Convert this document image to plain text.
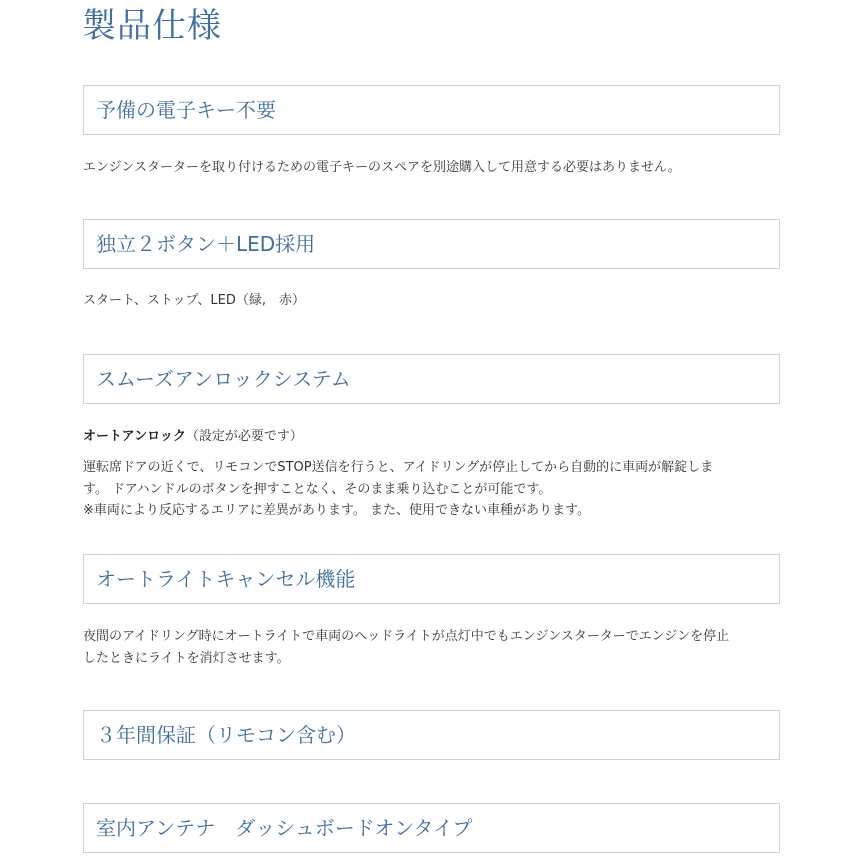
製品仕様
予備の電子キー不要

エンジンスターターを取り付けるための電子キーのスペアを別途購入して用意する必要はありません。

独立２ボタン＋LED採用

スタート、ストップ、LED（緑,　赤）

スムーズアンロックシステム

オートアンロック（設定が必要です）

運転席ドアの近くで、リモコンでSTOP送信を行うと、アイドリングが停止してから自動的に車両が解錠しま

す。 ドアハンドルのボタンを押すことなく、そのまま乗り込むことが可能です。

※車両により反応するエリアに差異があります。 また、使用できない車種があります。

オートライトキャンセル機能

夜間のアイドリング時にオートライトで車両のヘッドライトが点灯中でもエンジンスターターでエンジンを停止

したときにライトを消灯させます。

３年間保証（リモコン含む）
室内アンテナ　ダッシュボードオンタイプ
